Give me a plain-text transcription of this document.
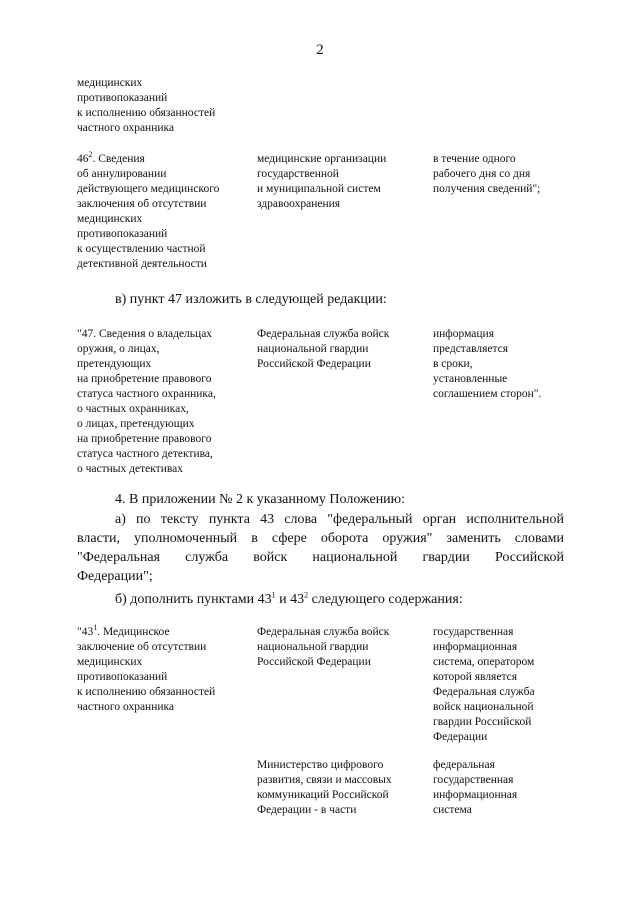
2
медицинских
противопоказаний
к исполнению обязанностей
частного охранника
$46^2$. Сведения
об аннулировании
действующего медицинского
заключения об отсутствии
медицинских
противопоказаний
к осуществлению частной
детективной деятельности
медицинские организации
государственной
и муниципальной систем
здравоохранения
в течение одного
рабочего дня со дня
получения сведений";
в) пункт 47 изложить в следующей редакции:
"47. Сведения о владельцах
оружия, о лицах,
претендующих
на приобретение правового
статуса частного охранника,
о частных охранниках,
о лицах, претендующих
на приобретение правового
статуса частного детектива,
о частных детективах
Федеральная служба войск
национальной гвардии
Российской Федерации
информация
представляется
в сроки,
установленные
соглашением сторон".
4. В приложении № 2 к указанному Положению:
а) по тексту пункта 43 слова "федеральный орган исполнительной
власти, уполномоченный в сфере оборота оружия" заменить словами
"Федеральная служба войск национальной гвардии Российской
Федерации";
б) дополнить пунктами $43^1$ и $43^2$ следующего содержания:
"$43^1$. Медицинское
заключение об отсутствии
медицинских
противопоказаний
к исполнению обязанностей
частного охранника
Федеральная служба войск
национальной гвардии
Российской Федерации
государственная
информационная
система, оператором
которой является
Федеральная служба
войск национальной
гвардии Российской
Федерации
Министерство цифрового
развития, связи и массовых
коммуникаций Российской
Федерации - в части
федеральная
государственная
информационная
система
